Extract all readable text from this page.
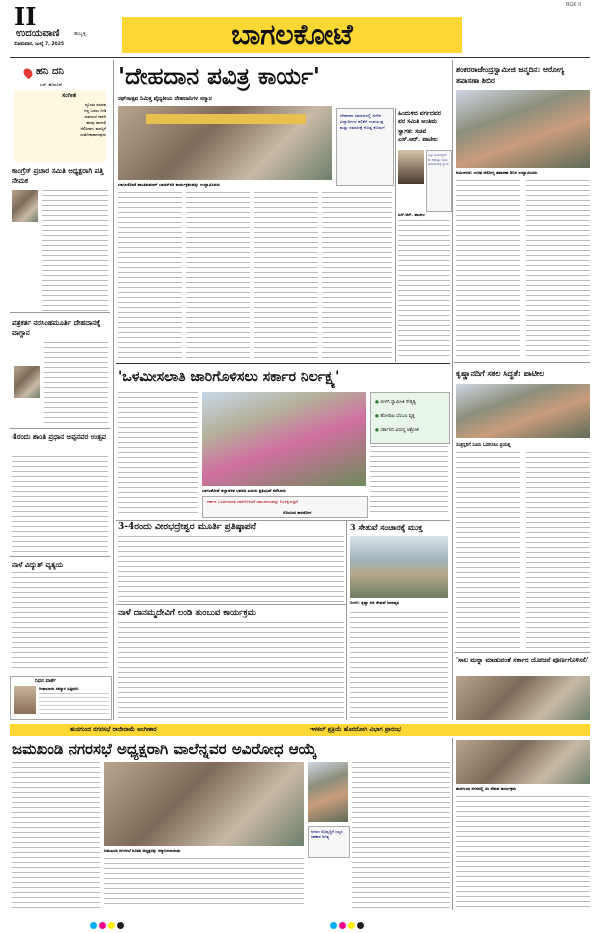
BGK II
II
ಉದಯವಾಣಿ	ಹುಬ್ಬಳ್ಳಿ
ಸೋಮವಾರ, ಜುಲೈ 7, 2025	ಬಾಗಲಕೋಟೆ
ಹನಿ ದನಿ
ಎಸ್. ಹೊಸೂರ್
ಸಂಗೀತ
ನ್ಯೂಸರು ಸರಸುವ
ನಲ್ಲ ಒಡಲು ನೀಡಿ
ಸುಮಧುರ ಗಾನದಿ
ಹಲವು ರಾಗದಲಿ
ಆಲಿಸಿದಾಗ, ಮನಸ್ಸಿಗೆ
ಸಂತೋಷವಾಗುವುದು
ಕಾಂಗ್ರೆಸ್ ಪ್ರಚಾರ ಸಮಿತಿ ಅಧ್ಯಕ್ಷರಾಗಿ ಪತ್ತಿ ನೇಮಕ
ಪತ್ರಕರ್ತ ನರಸಿಂಹಮೂರ್ತಿ ದೇಹದಾನಕ್ಕೆ ವಾಗ್ದಾನ
4ರಂದು ಶಾಂತಿ ಪ್ರಧಾನ ಅಪ್ಪನವರ ಉತ್ಸವ
ನಾಳೆ ವಿದ್ಯುತ್ ವ್ಯತ್ಯಯ
ನಿಧನ ವಾರ್ತೆ
ಗೀತಾಬಾಯಿ ಸಮ್ಮಾರ ಹಿತ್ತಿಮನಿ
'ದೇಹದಾನ ಪವಿತ್ರ ಕಾರ್ಯ'
ರಥ್‌ನಾತ್ಸವ ನಿಮಿತ್ತ ವೈದ್ಯಕೀಯ ದೇಹದಾನಿಗಳ ಸನ್ಮಾನ
ಬಾಗಲಕೋಟೆ ಶಾಂತಿಕುಮಾರ್ ಬಾದರ್‌ಸರಿ ಕಾರ್ಯಕ್ರಮವನ್ನು ಉದ್ಘಾಟಿಸಿದರು
ದೇಹದಾನ ಸಮಾಜದಲ್ಲಿ ಅನೇಕ ವಿದ್ಯಾರ್ಥಿಗಳ ಕಲಿಕೆಗೆ ಉಪಯುಕ್ತ ಮತ್ತು ಸಮಾಜಕ್ಕೆ ದೊಡ್ಡ ಕೊಡುಗೆ
ಹಿಂದುಳಿದ ವರ್ಗದವರ ಪರ ಸಮಿತಿ ಅಂತಿಮ
ಸ್ವಾಗತ: ಸಚಿವ ಎಸ್.ಆರ್. ಪಾಟೀಲ
ಒಟ್ಟು ಜನಸಂಖ್ಯೆಯ ಶೇ.70ರಷ್ಟು ಇರುವ ಸಮುದಾಯಕ್ಕೆ ನ್ಯಾಯ
ಎಸ್.ಆರ್. ಪಾಟೀಲ
ಶಂಕರರಾಜೇಂದ್ರಸ್ವಾಮೀಜಿ ಜನ್ಮದಿನ: ಆರೋಗ್ಯ ತಪಾಸಣಾ ಶಿಬಿರ
ಅಮೀನಗಡ: ಉಚಿತ ಆರೋಗ್ಯ ತಪಾಸಣಾ ಶಿಬಿರ ಉದ್ಘಾಟಿಸಿದರು
ಕೃಷ್ಣಾನದಿಗೆ ಸಕಲ ಸಿದ್ಧತೆ: ಪಾಟೀಲ
ಸಂತ್ರಸ್ತರಿಗೆ ಸೂರು ಒದಗಿಸಲು ಪ್ರಯತ್ನ
'ಸಾಲ ಮನ್ನಾ ಮಾಡುವಂತೆ ಸರ್ಕಾರ ಯೋಜನೆ ಪೂರ್ಣಗೊಳಿಸಲಿ'
'ಒಳಮೀಸಲಾತಿ ಜಾರಿಗೊಳಿಸಲು ಸರ್ಕಾರ ನಿರ್ಲಕ್ಷ್ಯ'
ಬಾಗಲಕೋಟೆ ಜಿಲ್ಲಾಡಳಿತ ಭವನದ ಎದುರು ಪ್ರತಿಭಟನೆ ನಡೆಸಿದರು
ಸರ್ಕಾರ ಒಳಮೀಸಲಾತಿ ಜಾರಿಗೊಳಿಸದೆ ಸಮುದಾಯವನ್ನು ನಿರ್ಲಕ್ಷಿಸುತ್ತಿದೆ
ಗೋವಿಂದ ಕಾರಜೋಳ
● ಬೀಳಗಿ ಸ್ವಾಮೀಜಿ ನೇತೃತ್ವ
● ಹೋರಾಟ ಬೆಂಬಲ ವ್ಯಕ್ತ
● ಸರ್ಕಾರದ ವಿರುದ್ಧ ಆಕ್ರೋಶ
3-4ರಂದು ವೀರಭದ್ರೇಶ್ವರ ಮೂರ್ತಿ ಪ್ರತಿಷ್ಠಾಪನೆ
ನಾಳೆ ದಾನಮ್ಮದೇವಿಗೆ ಲಂಡಿ ತುಂಬುವ ಕಾರ್ಯಕ್ರಮ
3 ಸೇತುವೆ ಸಂಚಾರಕ್ಕೆ ಮುಕ್ತ
ಬೀಳಗಿ: ಕೃಷ್ಣಾ ನದಿ ಸೇತುವೆ ಜಲಾವೃತ
ಹುನಗುಂದ ನಗರಸಭೆ ರಾಜೀನಾಮೆ ಅಂಗೀಕಾರ	ಇಳಕಲ್ ಪ್ರಕ್ರಿಯೆ ಹೊರರೋಗಿ ವಿಭಾಗ ಪ್ರಾರಂಭ
ಜಮಖಂಡಿ ನಗರಸಭೆ ಅಧ್ಯಕ್ಷರಾಗಿ ವಾಲೆನ್ನವರ ಅವಿರೋಧ ಆಯ್ಕೆ
ಜಮಖಂಡಿ ನಗರಸಭೆ ನೂತನ ಅಧ್ಯಕ್ಷರನ್ನು ಸನ್ಮಾನಿಸಲಾಯಿತು
ನಗರದ ಅಭಿವೃದ್ಧಿಗೆ ಎಲ್ಲರ ಸಹಕಾರ ಅಗತ್ಯ
ಹುನಗುಂದ ನಗರದಲ್ಲಿ ಸಸಿ ನೆಡುವ ಕಾರ್ಯಕ್ರಮ
